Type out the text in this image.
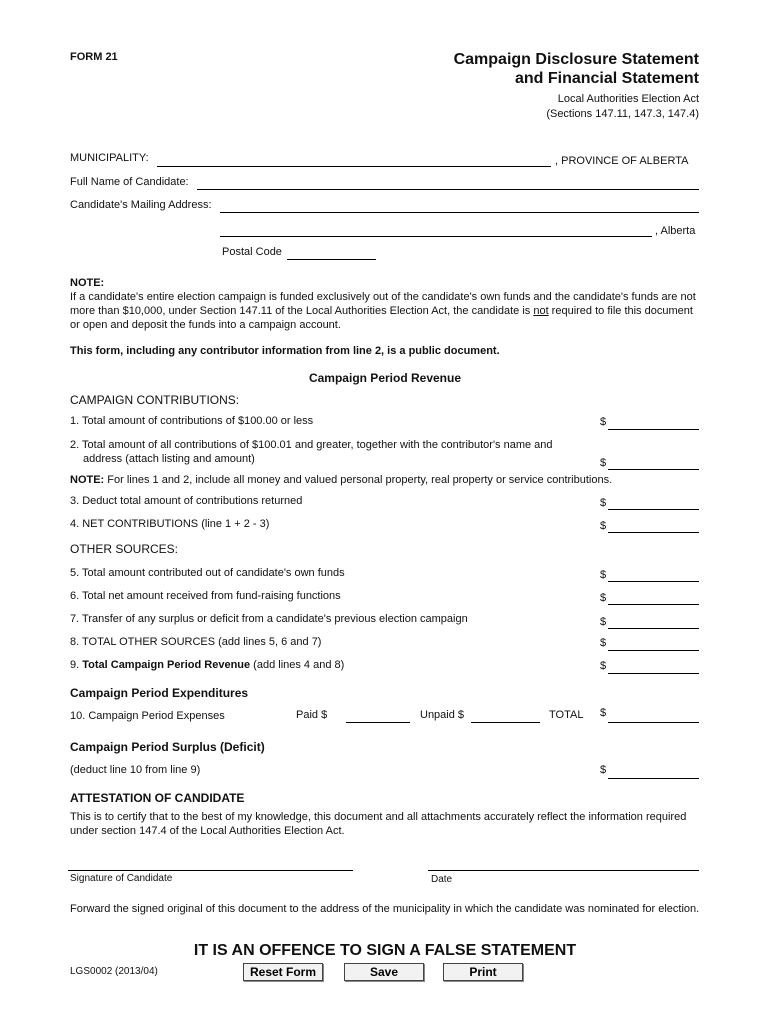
FORM 21	Campaign Disclosure Statement
and Financial Statement
Local Authorities Election Act
(Sections 147.11, 147.3, 147.4)
MUNICIPALITY:	, PROVINCE OF ALBERTA
Full Name of Candidate:
Candidate's Mailing Address:
, Alberta
Postal Code
NOTE:
If a candidate's entire election campaign is funded exclusively out of the candidate's own funds and the candidate's funds are not more than $10,000, under Section 147.11 of the Local Authorities Election Act, the candidate is not required to file this document or open and deposit the funds into a campaign account.
This form, including any contributor information from line 2, is a public document.
Campaign Period Revenue
CAMPAIGN CONTRIBUTIONS:
1. Total amount of contributions of $100.00 or less	$
2. Total amount of all contributions of $100.01 and greater, together with the contributor's name and
address (attach listing and amount)	$
NOTE: For lines 1 and 2, include all money and valued personal property, real property or service contributions.
3. Deduct total amount of contributions returned	$
4. NET CONTRIBUTIONS (line 1 + 2 - 3)	$
OTHER SOURCES:
5. Total amount contributed out of candidate's own funds	$
6. Total net amount received from fund-raising functions	$
7. Transfer of any surplus or deficit from a candidate's previous election campaign	$
8. TOTAL OTHER SOURCES (add lines 5, 6 and 7)	$
9. Total Campaign Period Revenue (add lines 4 and 8)	$
Campaign Period Expenditures
10. Campaign Period Expenses	Paid $	Unpaid $	TOTAL $
Campaign Period Surplus (Deficit)
(deduct line 10 from line 9)	$
ATTESTATION OF CANDIDATE
This is to certify that to the best of my knowledge, this document and all attachments accurately reflect the information required under section 147.4 of the Local Authorities Election Act.
Signature of Candidate	Date
Forward the signed original of this document to the address of the municipality in which the candidate was nominated for election.
IT IS AN OFFENCE TO SIGN A FALSE STATEMENT
LGS0002 (2013/04)	Reset Form	Save	Print
